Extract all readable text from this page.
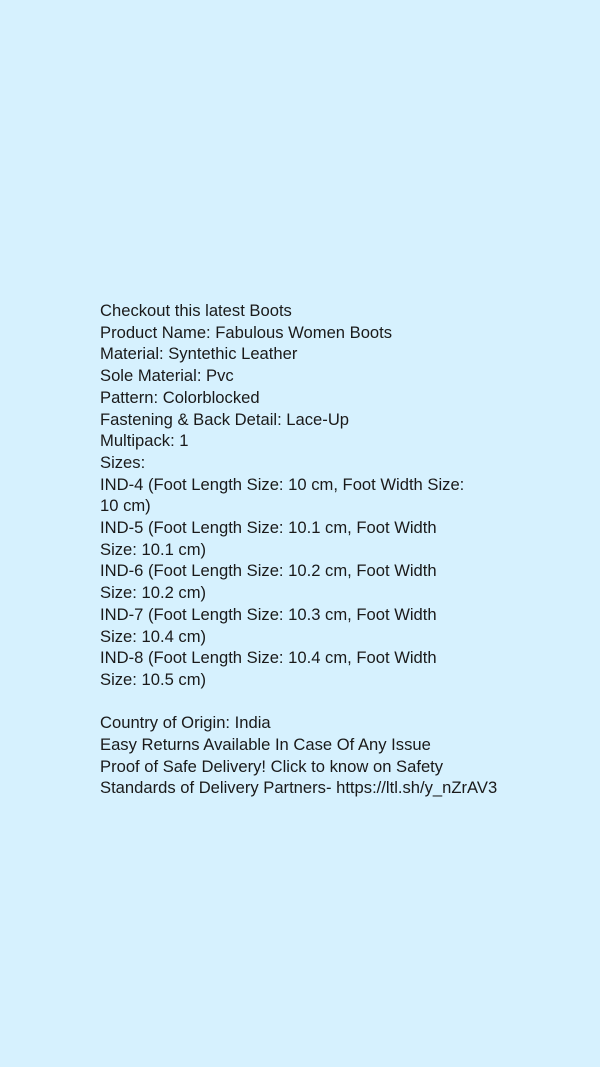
Checkout this latest Boots
Product Name: Fabulous Women Boots
Material: Syntethic Leather
Sole Material: Pvc
Pattern: Colorblocked
Fastening & Back Detail: Lace-Up
Multipack: 1
Sizes:
IND-4 (Foot Length Size: 10 cm, Foot Width Size:
10 cm)
IND-5 (Foot Length Size: 10.1 cm, Foot Width
Size: 10.1 cm)
IND-6 (Foot Length Size: 10.2 cm, Foot Width
Size: 10.2 cm)
IND-7 (Foot Length Size: 10.3 cm, Foot Width
Size: 10.4 cm)
IND-8 (Foot Length Size: 10.4 cm, Foot Width
Size: 10.5 cm)
Country of Origin: India
Easy Returns Available In Case Of Any Issue
Proof of Safe Delivery! Click to know on Safety
Standards of Delivery Partners- https://ltl.sh/y_nZrAV3
